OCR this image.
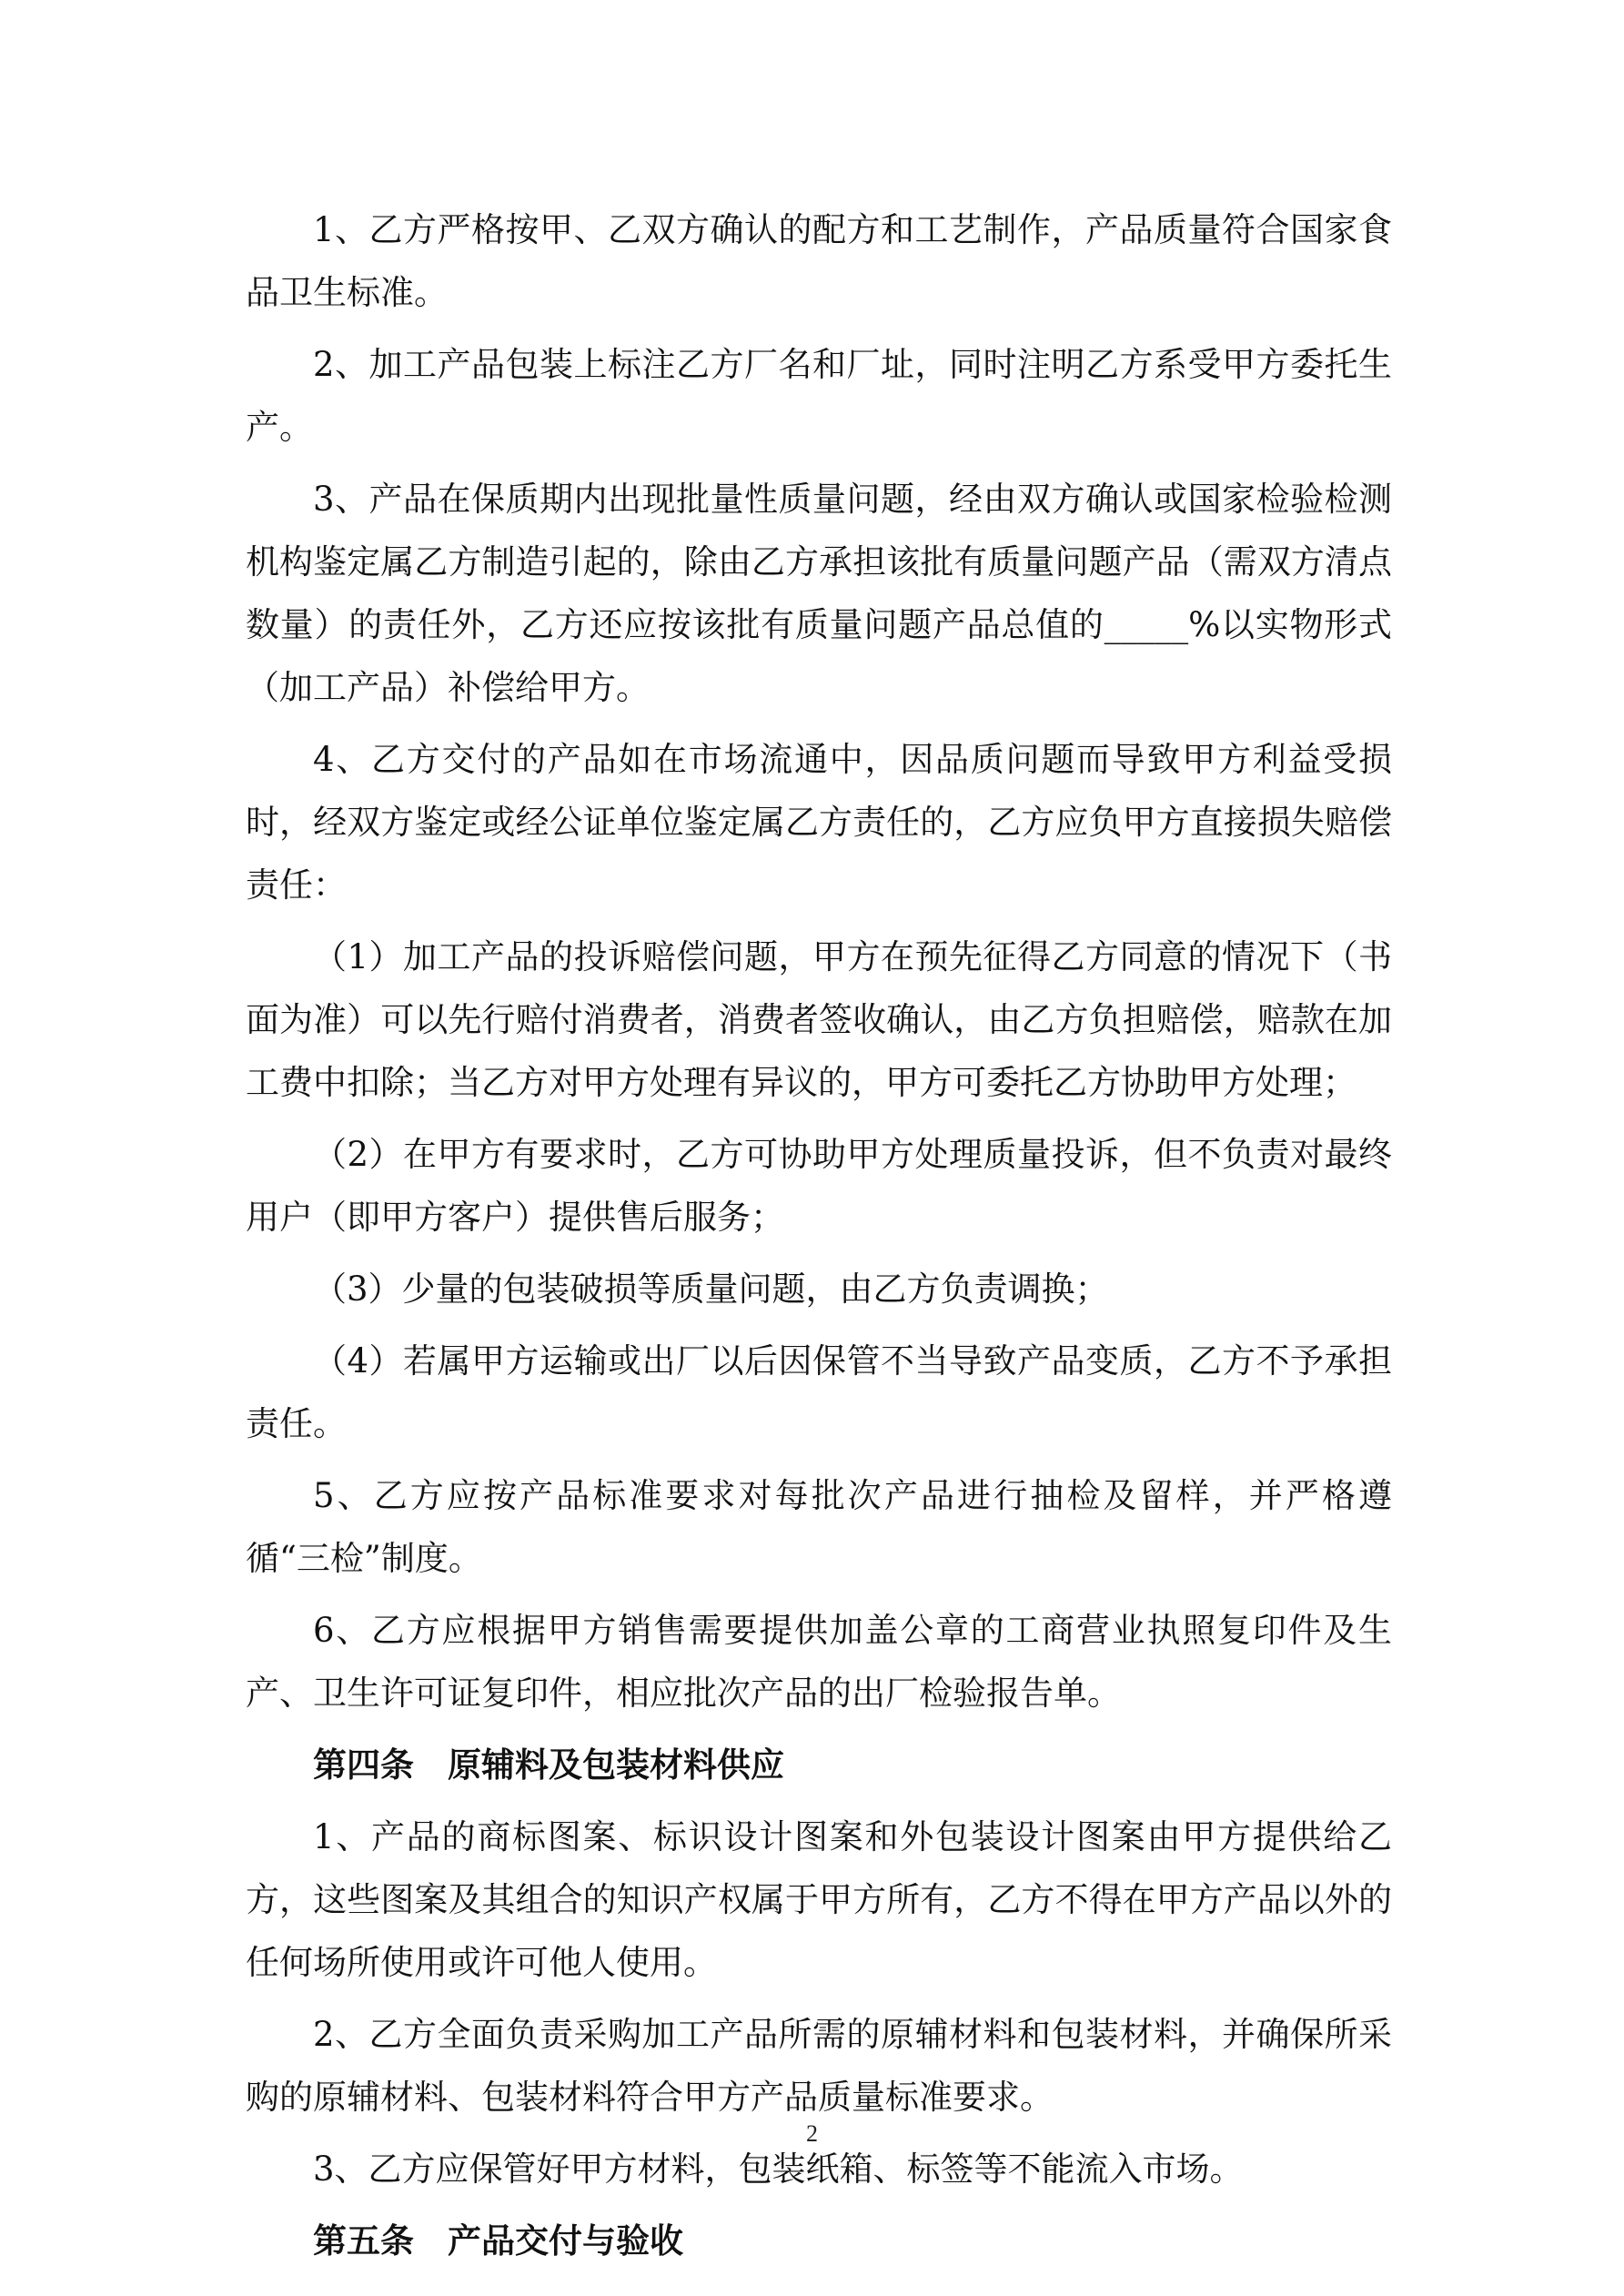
1、乙方严格按甲、乙双方确认的配方和工艺制作，产品质量符合国家食品卫生标准。

2、加工产品包装上标注乙方厂名和厂址，同时注明乙方系受甲方委托生产。

3、产品在保质期内出现批量性质量问题，经由双方确认或国家检验检测机构鉴定属乙方制造引起的，除由乙方承担该批有质量问题产品（需双方清点数量）的责任外，乙方还应按该批有质量问题产品总值的_____%以实物形式（加工产品）补偿给甲方。

4、乙方交付的产品如在市场流通中，因品质问题而导致甲方利益受损时，经双方鉴定或经公证单位鉴定属乙方责任的，乙方应负甲方直接损失赔偿责任：

（1）加工产品的投诉赔偿问题，甲方在预先征得乙方同意的情况下（书面为准）可以先行赔付消费者，消费者签收确认，由乙方负担赔偿，赔款在加工费中扣除；当乙方对甲方处理有异议的，甲方可委托乙方协助甲方处理；

（2）在甲方有要求时，乙方可协助甲方处理质量投诉，但不负责对最终用户（即甲方客户）提供售后服务；

（3）少量的包装破损等质量问题，由乙方负责调换；

（4）若属甲方运输或出厂以后因保管不当导致产品变质，乙方不予承担责任。

5、乙方应按产品标准要求对每批次产品进行抽检及留样，并严格遵循“三检”制度。

6、乙方应根据甲方销售需要提供加盖公章的工商营业执照复印件及生产、卫生许可证复印件，相应批次产品的出厂检验报告单。

第四条　原辅料及包装材料供应

1、产品的商标图案、标识设计图案和外包装设计图案由甲方提供给乙方，这些图案及其组合的知识产权属于甲方所有，乙方不得在甲方产品以外的任何场所使用或许可他人使用。

2、乙方全面负责采购加工产品所需的原辅材料和包装材料，并确保所采购的原辅材料、包装材料符合甲方产品质量标准要求。

3、乙方应保管好甲方材料，包装纸箱、标签等不能流入市场。

第五条　产品交付与验收

2
